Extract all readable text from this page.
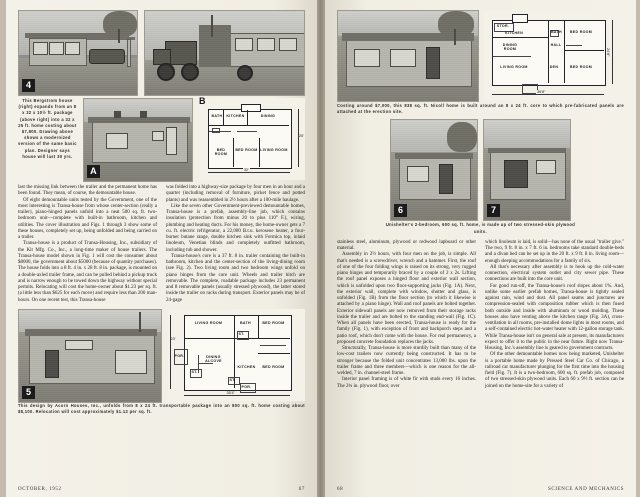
4
This Bergstrom house (right) expands from an 8 x 32 x 10½ ft. package (above right) into a 32 x 25 ft. home costing about $7,800. Drawing above shows a modernized version of the same basic plan. Designer says house will last 30 yrs.
A
B
BATH	KITCHEN	DINING
BED ROOM
BED ROOM LIVING ROOM
32'
25'

last the missing link between the trailer and the permanent home has been found. They mean, of course, the demountable house.

Of eight demountable units tested by the Government, one of the most interesting is Transa-house from whose center-section (really a trailer), piano-hinged panels unfold into a neat 500 sq. ft. two-bedroom unit—complete with built-in bathroom, kitchen and utilities. The cover illustration and Figs. 1 through 3 show some of these houses, completely set up, being unfolded and being carried on a trailer.

Transa-house is a product of Transa-Housing, Inc., subsidiary of the Kit Mfg. Co., Inc., a long-time maker of house trailers. The Transa-house model shown in Fig. 1 will cost the consumer about $8000, the government about $5000 (because of quantity purchases). The house folds into a 8 ft. 4 in. x 28 ft. 8 in. package, is mounted on a double-axled trailer frame, and can be pulled behind a pickup truck and is narrow enough to be towed down the highway without special permits. Relocating will cost the home-owner about $1.23 per sq. ft. (a little less than $625 for each move) and require less than 200 man-hours. On one recent test, this Transa-house

was folded into a highway-size package by four men in an hour and a quarter (including removal of furniture, picket fence and potted plants) and was reassembled in 2½ hours after a 100-mile haulage.

Like the seven other Government-previewed demountable homes, Transa-house is a prefab, assembly-line job, which contains insulation (protection from minus 20 to plus 110° F.), wiring, plumbing and heating ducts. For his money, the home-owner gets a 7 cu. ft. electric refrigerator, a 22,000 B.t.u. kerosene heater, a four-burner butane range, double kitchen sink with Formica top, inlaid linoleum, Venetian blinds and completely outfitted bathroom, including tub and shower.

Transa-house's core is a 37 ft. 8 in. trailer containing the built-in bathroom, kitchen and the center-section of the living-dining room (see Fig. 2). Two living room and two bedroom wings unfold on piano hinges from the core unit. Wheels and trailer hitch are removable. The complete, roadable package includes 23 permanent and 8 removable panels (usually stressed plywood), the latter stored inside the trailer on racks during transport. Exterior panels may be of 24-gage

5
LIVING ROOM	BATH	BED ROOM
DINING ALCOVE
KITCHEN	BED ROOM
POR.
ST.
ST.
ST.
POR.
23'
35'4"
This design by Acorn Houses, Inc., unfolds from 8 x 24 ft. transportable package into an 800 sq. ft. home costing about $8,100. Relocation will cost approximately $1.12 per sq. ft.
OCTOBER, 1952	67
STOR.
KITCHEN	BATH	BED ROOM
DINING ROOM
HALL
LIVING ROOM	DEN	BED ROOM
24'8"
36'8"
Costing around $7,000, this 838 sq. ft. Nicoll home is built around an 8 x 24 ft. core to which pre-fabricated panels are attached at the erection site.
6	7
Unishelter's 2-bedroom, 600 sq. ft. home, is made up of two stressed-skin plywood units.

stainless steel, aluminum, plywood or redwood lapboard or other material.

Assembly in 2½ hours, with four men on the job, is simple. All that's needed is a screwdriver, wrench and a hammer. First, the roof of one of the four folding wings is raised on its strong, very rugged piano hinges and temporarily braced by a couple of 2 x 2s. Lifting the roof panel exposes a hinged floor and exterior wall section, which is unfolded upon two floor-supporting jacks (Fig. 1A). Next, the exterior wall, complete with window, shutter and glass, is unfolded (Fig. 1B) from the floor section (to which it likewise is attached by a piano hinge). Wall and roof panels are bolted together. Exterior sidewall panels are now removed from their storage racks inside the trailer and are bolted to the standing end-wall (Fig. 1C). When all panels have been erected, Transa-house is ready for the family (Fig. 1), with exception of front and backporch steps and a patio roof, which don't come with the house. For real permanency, a proposed concrete foundation replaces the jacks.

Structurally, Transa-house is more sturdily built than many of the low-cost trailers now currently being constructed. It has to be stronger because the folded unit concentrates 13,000 lbs. upon the trailer frame and three members—which is one reason for the all-welded, 7 in. channel-steel frame.

Interior panel framing is of white fir with studs every 16 inches. The 2¾ in. plywood floor, over

which linoleum is laid, is solid—has none of the usual "trailer give." The two, 9 ft. 8 in. x 7 ft. 6 in. bedrooms take standard double-beds and a divan bed can be set up in the 20 ft. x 9 ft. 8 in. living room—enough sleeping accommodations for a family of six.

All that's necessary after assembly is to hook up the cold-water connection, electrical system outlet and city sewer pipe. These connections are built into the core unit.

For good run-off, the Transa-house's roof slopes about 1%. And, unlike some earlier prefab homes, Transa-house is tightly sealed against rain, wind and dust. All panel seams and junctures are compression-sealed with composition rubber which is then fused both outside and inside with aluminum or wood molding. These houses also have venting above the kitchen range (Fig. 3A), cross-ventilation in all rooms, pre-installed dome lights in most rooms, and a self-contained electric hot-water heater with 12-gallon storage tank. While Transa-house isn't on general sale at present, its manufacturers expect to offer it to the public in the near future. Right now Transa-Housing, Inc.'s assembly line is geared to government contracts.

Of the other demountable homes now being marketed, Unishelter is a portable home made by Pressed Steel Car Co. of Chicago, a railroad car manufacturer plunging for the first time into the housing field (Fig. 7). It is a two-bedroom, 600 sq. ft. prefab job, composed of two stressed-skin plywood units. Each 60 x 9½ ft. section can be joined on the home-site for a variety of

68	SCIENCE AND MECHANICS
